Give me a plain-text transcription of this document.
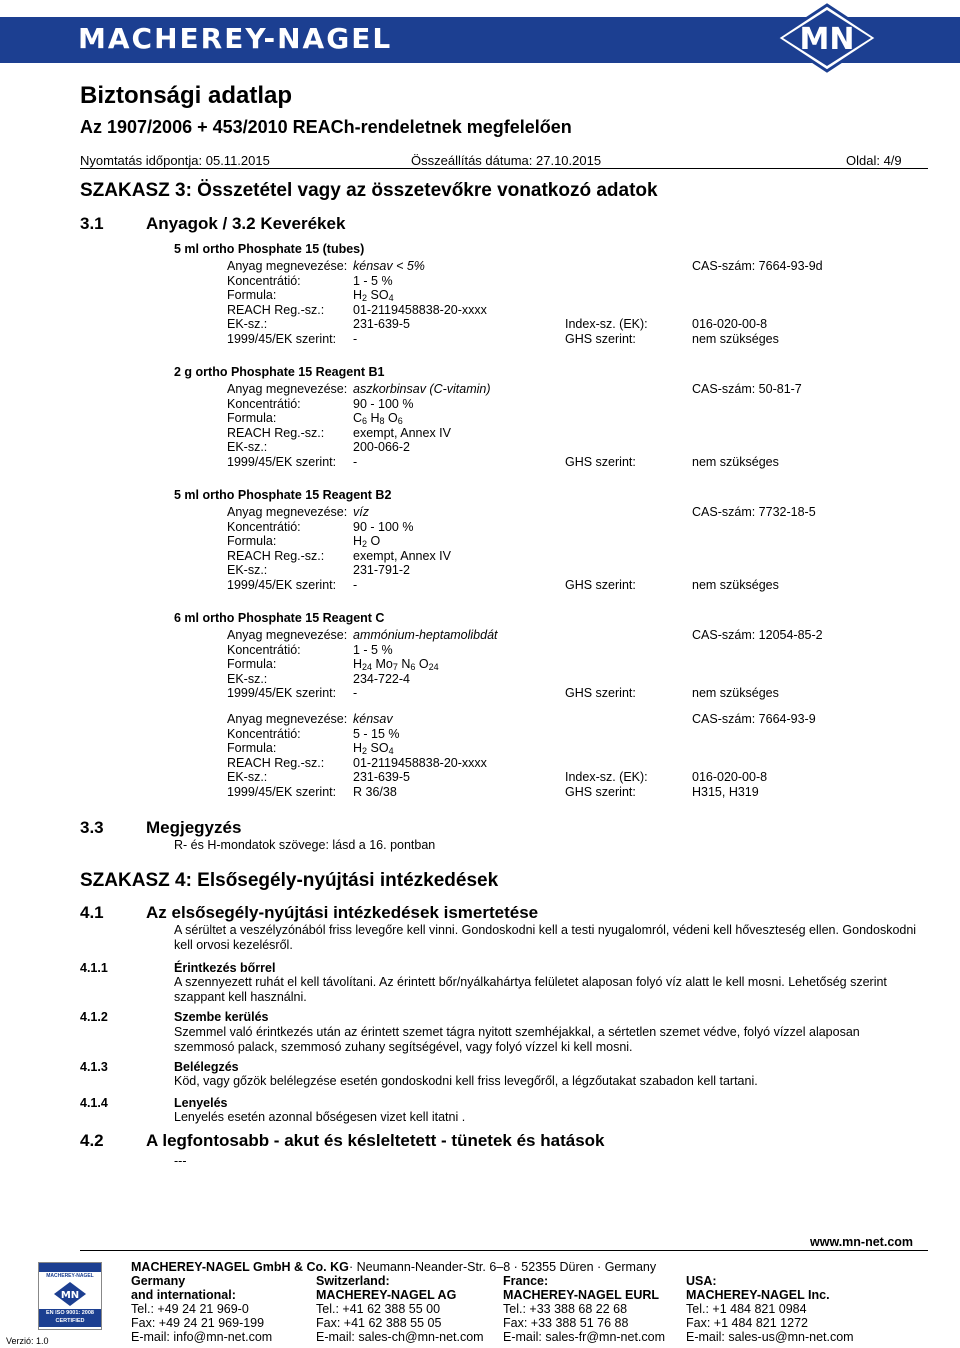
MACHEREY-NAGEL	MN
Biztonsági adatlap
Az 1907/2006 + 453/2010 REACh-rendeletnek megfelelően
Nyomtatás időpontja: 05.11.2015	Összeállítás dátuma: 27.10.2015	Oldal: 4/9
SZAKASZ 3: Összetétel vagy az összetevőkre vonatkozó adatok
3.1 Anyagok / 3.2 Keverékek
5 ml ortho Phosphate 15 (tubes)
Anyag megnevezése: kénsav < 5%	CAS-szám: 7664-93-9d
Koncentrátió:	1 - 5 %
Formula:	$H_2$ $SO_4$
REACH Reg.-sz.: 01-2119458838-20-xxxx
EK-sz.:	231-639-5	Index-sz. (EK):	016-020-00-8
1999/45/EK szerint: -	GHS szerint:	nem szükséges
2 g ortho Phosphate 15 Reagent B1
Anyag megnevezése: aszkorbinsav (C-vitamin)	CAS-szám: 50-81-7
Koncentrátió:	90 - 100 %
Formula:	$C_6$ $H_8$ $O_6$
REACH Reg.-sz.: exempt, Annex IV
EK-sz.:	200-066-2
1999/45/EK szerint: -	GHS szerint:	nem szükséges
5 ml ortho Phosphate 15 Reagent B2
Anyag megnevezése: víz	CAS-szám: 7732-18-5
Koncentrátió:	90 - 100 %
Formula:	$H_2$ O
REACH Reg.-sz.: exempt, Annex IV
EK-sz.:	231-791-2
1999/45/EK szerint: -	GHS szerint:	nem szükséges
6 ml ortho Phosphate 15 Reagent C
Anyag megnevezése: ammónium-heptamolibdát	CAS-szám: 12054-85-2
Koncentrátió:	1 - 5 %
Formula:	$H_{24}$ $Mo_7$ $N_6$ $O_{24}$
EK-sz.:	234-722-4
1999/45/EK szerint: -	GHS szerint:	nem szükséges
Anyag megnevezése: kénsav	CAS-szám: 7664-93-9
Koncentrátió:	5 - 15 %
Formula:	$H_2$ $SO_4$
REACH Reg.-sz.: 01-2119458838-20-xxxx
EK-sz.:	231-639-5	Index-sz. (EK):	016-020-00-8
1999/45/EK szerint: R 36/38	GHS szerint:	H315, H319
3.3 Megjegyzés
R- és H-mondatok szövege: lásd a 16. pontban
SZAKASZ 4: Elsősegély-nyújtási intézkedések
4.1 Az elsősegély-nyújtási intézkedések ismertetése
A sérültet a veszélyzónából friss levegőre kell vinni. Gondoskodni kell a testi nyugalomról, védeni kell hőveszteség ellen. Gondoskodni kell orvosi kezelésről.
4.1.1	Érintkezés bőrrel
A szennyezett ruhát el kell távolítani. Az érintett bőr/nyálkahártya felületet alaposan folyó víz alatt le kell mosni. Lehetőség szerint szappant kell használni.
4.1.2	Szembe kerülés
Szemmel való érintkezés után az érintett szemet tágra nyitott szemhéjakkal, a sértetlen szemet védve, folyó vízzel alaposan szemmosó palack, szemmosó zuhany segítségével, vagy folyó vízzel ki kell mosni.
4.1.3	Belélegzés
Köd, vagy gőzök belélegzése esetén gondoskodni kell friss levegőről, a légzőutakat szabadon kell tartani.
4.1.4	Lenyelés
Lenyelés esetén azonnal bőségesen vizet kell itatni .
4.2 A legfontosabb - akut és késleltetett - tünetek és hatások
---
www.mn-net.com
MACHEREY-NAGEL
MN
EN ISO 9001: 2008
CERTIFIED
Verzió: 1.0
MACHEREY-NAGEL GmbH & Co. KG · Neumann-Neander-Str. 6–8 · 52355 Düren · Germany
Germany
and international:
Tel.: +49 24 21 969-0
Fax: +49 24 21 969-199
E-mail: info@mn-net.com
Switzerland:
MACHEREY-NAGEL AG
Tel.: +41 62 388 55 00
Fax: +41 62 388 55 05
E-mail: sales-ch@mn-net.com
France:
MACHEREY-NAGEL EURL
Tel.: +33 388 68 22 68
Fax: +33 388 51 76 88
E-mail: sales-fr@mn-net.com
USA:
MACHEREY-NAGEL Inc.
Tel.: +1 484 821 0984
Fax: +1 484 821 1272
E-mail: sales-us@mn-net.com
